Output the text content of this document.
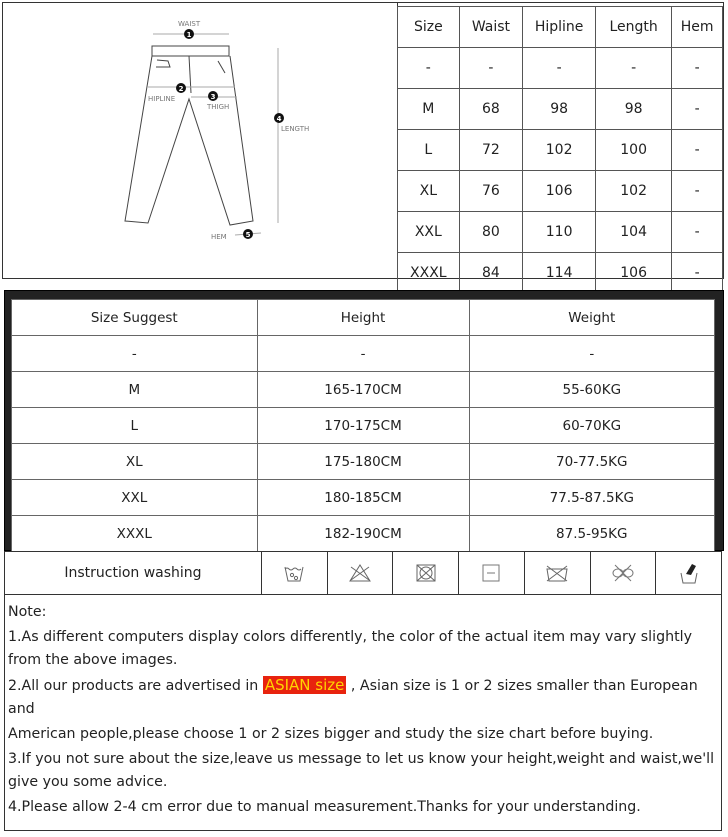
WAIST
HIPLINE
THIGH
LENGTH
HEM
1
2
3
4
5
Size	Waist	Hipline	Length	Hem
-	-	-	-	-
M	68	98	98	-
L	72	102	100	-
XL	76	106	102	-
XXL	80	110	104	-
XXXL	84	114	106	-
Size Suggest	Height	Weight
-	-	-
M	165-170CM	55-60KG
L	170-175CM	60-70KG
XL	175-180CM	70-77.5KG
XXL	180-185CM	77.5-87.5KG
XXXL	182-190CM	87.5-95KG
Instruction washing

Note:

1.As different computers display colors differently, the color of the actual item may vary slightly from the above images.

2.All our products are advertised in ASIAN size , Asian size is 1 or 2 sizes smaller than European and

American people,please choose 1 or 2 sizes bigger and study the size chart before buying.

3.If you not sure about the size,leave us message to let us know your height,weight and waist,we'll give you some advice.

4.Please allow 2-4 cm error due to manual measurement.Thanks for your understanding.
